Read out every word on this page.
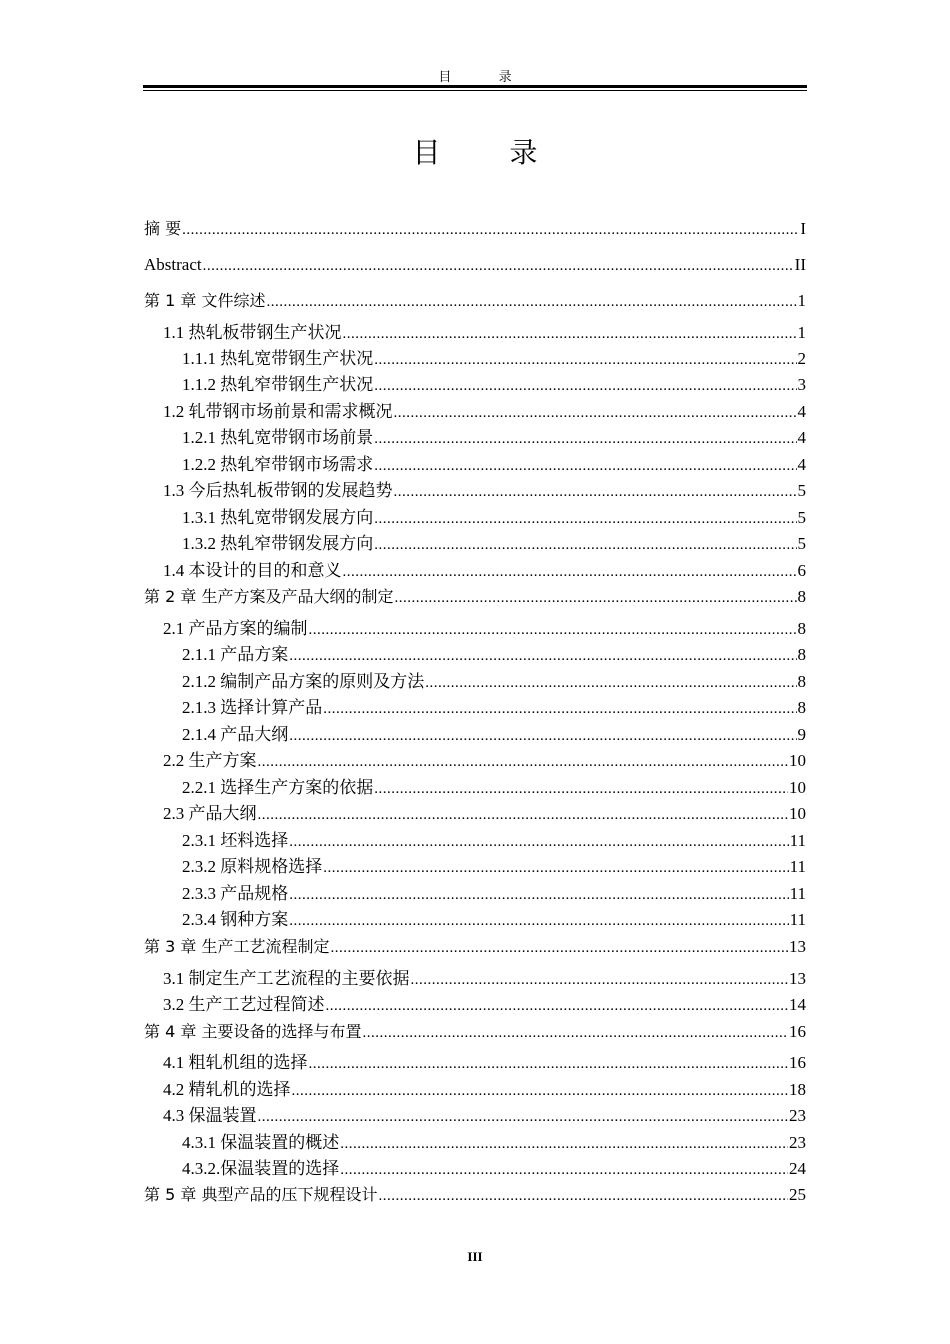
目 录
目 录
摘 要 .....	I
Abstract .....	II
第 1 章 文件综述 .....	1
1.1 热轧板带钢生产状况 .....	1
1.1.1 热轧宽带钢生产状况 .....	2
1.1.2 热轧窄带钢生产状况 .....	3
1.2 轧带钢市场前景和需求概况 .....	4
1.2.1 热轧宽带钢市场前景 .....	4
1.2.2 热轧窄带钢市场需求 .....	4
1.3 今后热轧板带钢的发展趋势 .....	5
1.3.1 热轧宽带钢发展方向 .....	5
1.3.2 热轧窄带钢发展方向 .....	5
1.4 本设计的目的和意义 .....	6
第 2 章 生产方案及产品大纲的制定 .....	8
2.1 产品方案的编制 .....	8
2.1.1 产品方案 .....	8
2.1.2 编制产品方案的原则及方法 .....	8
2.1.3 选择计算产品 .....	8
2.1.4 产品大纲 .....	9
2.2 生产方案 .....	10
2.2.1 选择生产方案的依据 .....	10
2.3 产品大纲 .....	10
2.3.1 坯料选择 .....	11
2.3.2 原料规格选择 .....	11
2.3.3 产品规格 .....	11
2.3.4 钢种方案 .....	11
第 3 章 生产工艺流程制定 .....	13
3.1 制定生产工艺流程的主要依据 .....	13
3.2 生产工艺过程简述 .....	14
第 4 章 主要设备的选择与布置 .....	16
4.1 粗轧机组的选择 .....	16
4.2 精轧机的选择 .....	18
4.3 保温装置 .....	23
4.3.1 保温装置的概述 .....	23
4.3.2.保温装置的选择 .....	24
第 5 章 典型产品的压下规程设计 .....	25
III
